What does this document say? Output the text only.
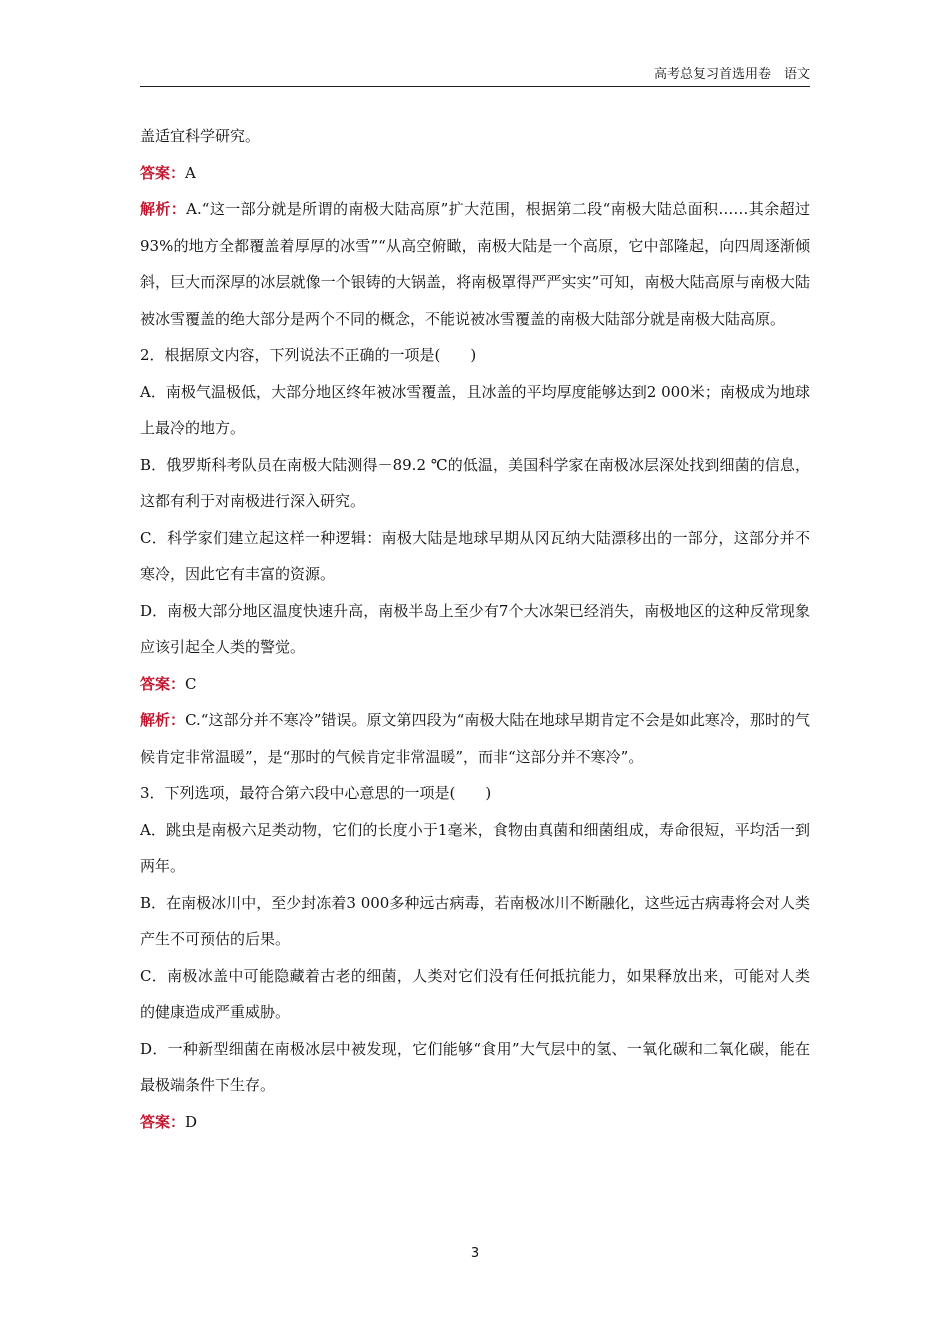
高考总复习首选用卷　语文

盖适宜科学研究。

答案：A

解析：A.“这一部分就是所谓的南极大陆高原”扩大范围，根据第二段“南极大陆总面积……其余超过93%的地方全都覆盖着厚厚的冰雪”“从高空俯瞰，南极大陆是一个高原，它中部隆起，向四周逐渐倾斜，巨大而深厚的冰层就像一个银铸的大锅盖，将南极罩得严严实实”可知，南极大陆高原与南极大陆被冰雪覆盖的绝大部分是两个不同的概念，不能说被冰雪覆盖的南极大陆部分就是南极大陆高原。

2．根据原文内容，下列说法不正确的一项是(　　)

A．南极气温极低，大部分地区终年被冰雪覆盖，且冰盖的平均厚度能够达到2 000米；南极成为地球上最冷的地方。

B．俄罗斯科考队员在南极大陆测得－89.2 ℃的低温，美国科学家在南极冰层深处找到细菌的信息，这都有利于对南极进行深入研究。

C．科学家们建立起这样一种逻辑：南极大陆是地球早期从冈瓦纳大陆漂移出的一部分，这部分并不寒冷，因此它有丰富的资源。

D．南极大部分地区温度快速升高，南极半岛上至少有7个大冰架已经消失，南极地区的这种反常现象应该引起全人类的警觉。

答案：C

解析：C.“这部分并不寒冷”错误。原文第四段为“南极大陆在地球早期肯定不会是如此寒冷，那时的气候肯定非常温暖”，是“那时的气候肯定非常温暖”，而非“这部分并不寒冷”。

3．下列选项，最符合第六段中心意思的一项是(　　)

A．跳虫是南极六足类动物，它们的长度小于1毫米，食物由真菌和细菌组成，寿命很短，平均活一到两年。

B．在南极冰川中，至少封冻着3 000多种远古病毒，若南极冰川不断融化，这些远古病毒将会对人类产生不可预估的后果。

C．南极冰盖中可能隐藏着古老的细菌，人类对它们没有任何抵抗能力，如果释放出来，可能对人类的健康造成严重威胁。

D．一种新型细菌在南极冰层中被发现，它们能够“食用”大气层中的氢、一氧化碳和二氧化碳，能在最极端条件下生存。

答案：D

3
